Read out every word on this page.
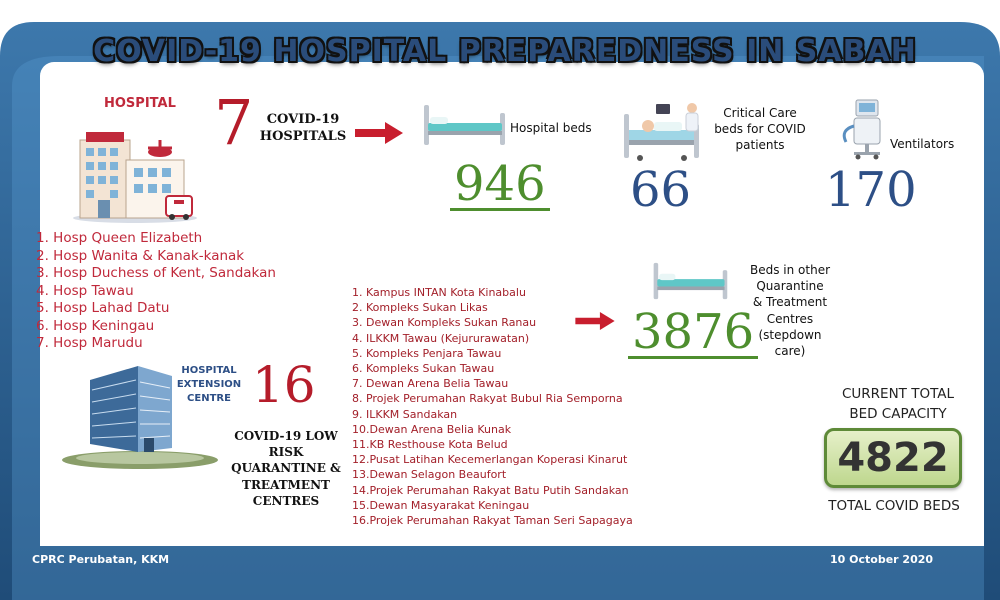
COVID-19 HOSPITAL PREPAREDNESS IN SABAH
HOSPITAL 7	COVID-19
HOSPITALS
1. Hosp Queen Elizabeth
2. Hosp Wanita & Kanak-kanak
3. Hosp Duchess of Kent, Sandakan
4. Hosp Tawau
5. Hosp Lahad Datu
6. Hosp Keningau
7. Hosp Marudu
Hospital beds
946
Critical Care
beds for COVID
patients
66
Ventilators
170
HOSPITAL
EXTENSION
CENTRE 16
COVID-19 LOW RISK
QUARANTINE &
TREATMENT
CENTRES
1. Kampus INTAN Kota Kinabalu
2. Kompleks Sukan Likas
3. Dewan Kompleks Sukan Ranau
4. ILKKM Tawau (Kejururawatan)
5. Kompleks Penjara Tawau
6. Kompleks Sukan Tawau
7. Dewan Arena Belia Tawau
8. Projek Perumahan Rakyat Bubul Ria Semporna
9. ILKKM Sandakan
10.Dewan Arena Belia Kunak
11.KB Resthouse Kota Belud
12.Pusat Latihan Kecemerlangan Koperasi Kinarut
13.Dewan Selagon Beaufort
14.Projek Perumahan Rakyat Batu Putih Sandakan
15.Dewan Masyarakat Keningau
16.Projek Perumahan Rakyat Taman Seri Sapagaya
Beds in other Quarantine
& Treatment
Centres
(stepdown
care)
3876
CURRENT TOTAL
BED CAPACITY
4822
TOTAL COVID BEDS
CPRC Perubatan, KKM	10 October 2020
